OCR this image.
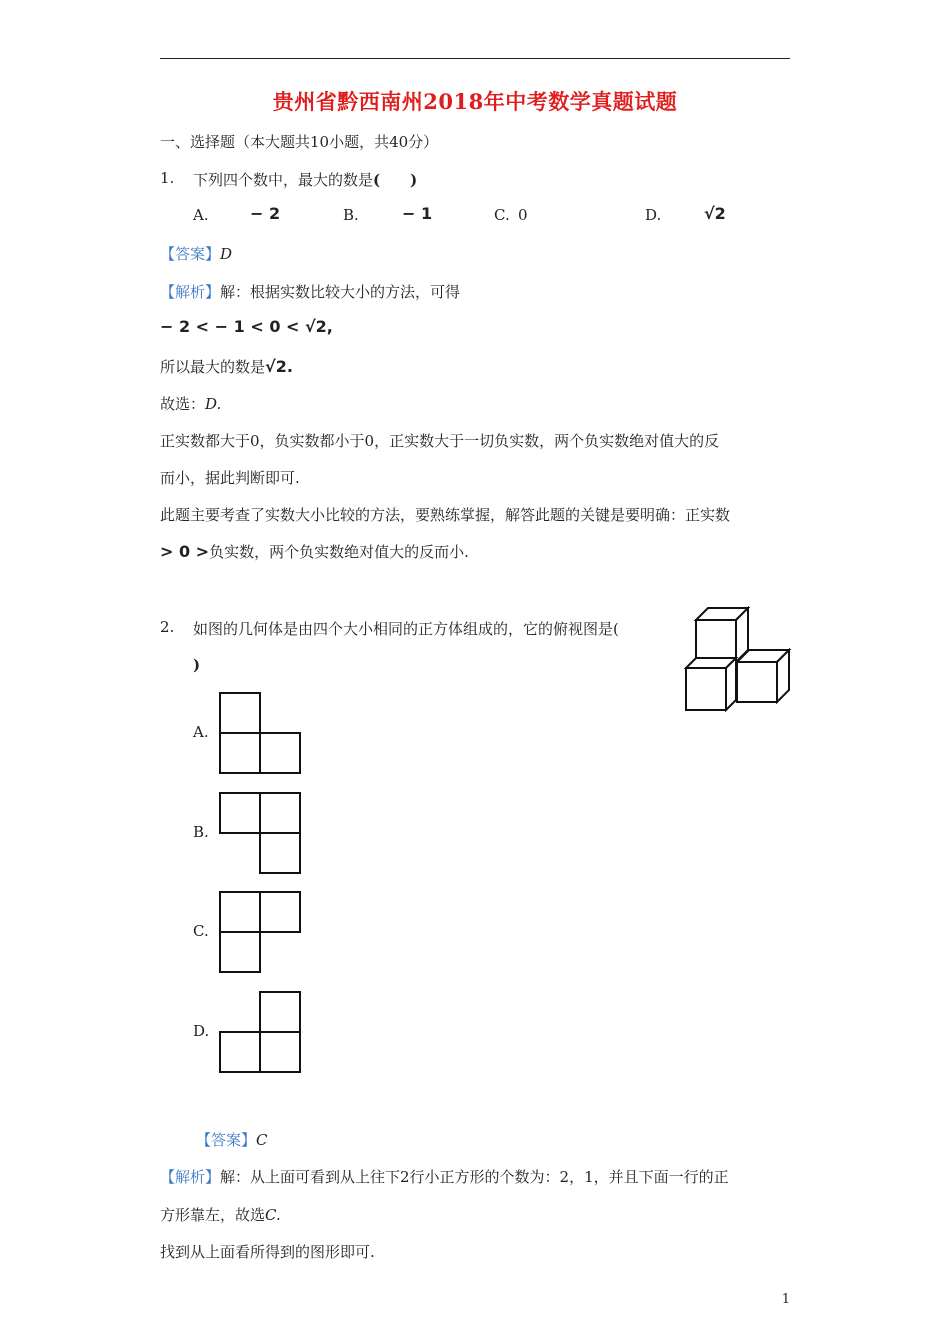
贵州省黔西南州2018年中考数学真题试题
一、选择题（本大题共10小题，共40分）
1. 下列四个数中，最大的数是(　　)
A.	− 2	B.	− 1	C. 0	D.	√2
【答案】D
【解析】解：根据实数比较大小的方法，可得
− 2 < − 1 < 0 < √2,
所以最大的数是√2.
故选：D.
正实数都大于0，负实数都小于0，正实数大于一切负实数，两个负实数绝对值大的反
而小，据此判断即可.
此题主要考查了实数大小比较的方法，要熟练掌握，解答此题的关键是要明确：正实数
> 0 >负实数，两个负实数绝对值大的反而小.
2. 如图的几何体是由四个大小相同的正方体组成的，它的俯视图是(
)
A.
B.
C.
D.
【答案】C
【解析】解：从上面可看到从上往下2行小正方形的个数为：2，1，并且下面一行的正
方形靠左，故选C.
找到从上面看所得到的图形即可.
1
